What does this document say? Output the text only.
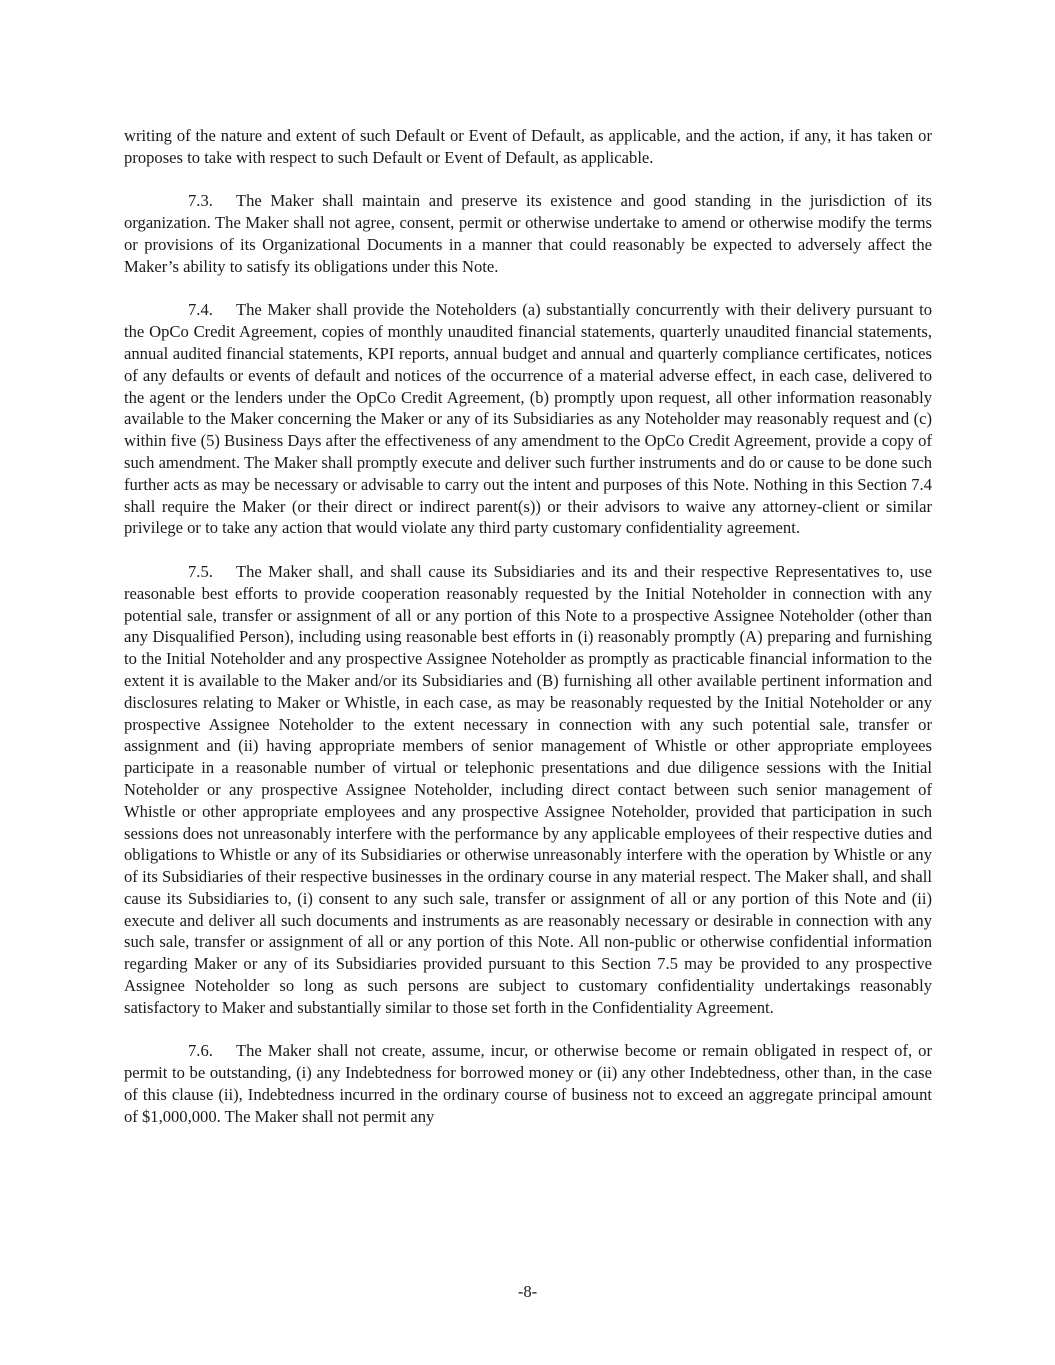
writing of the nature and extent of such Default or Event of Default, as applicable, and the action, if any, it has taken or proposes to take with respect to such Default or Event of Default, as applicable.

7.3. The Maker shall maintain and preserve its existence and good standing in the jurisdiction of its organization. The Maker shall not agree, consent, permit or otherwise undertake to amend or otherwise modify the terms or provisions of its Organizational Documents in a manner that could reasonably be expected to adversely affect the Maker’s ability to satisfy its obligations under this Note.

7.4. The Maker shall provide the Noteholders (a) substantially concurrently with their delivery pursuant to the OpCo Credit Agreement, copies of monthly unaudited financial statements, quarterly unaudited financial statements, annual audited financial statements, KPI reports, annual budget and annual and quarterly compliance certificates, notices of any defaults or events of default and notices of the occurrence of a material adverse effect, in each case, delivered to the agent or the lenders under the OpCo Credit Agreement, (b) promptly upon request, all other information reasonably available to the Maker concerning the Maker or any of its Subsidiaries as any Noteholder may reasonably request and (c) within five (5) Business Days after the effectiveness of any amendment to the OpCo Credit Agreement, provide a copy of such amendment. The Maker shall promptly execute and deliver such further instruments and do or cause to be done such further acts as may be necessary or advisable to carry out the intent and purposes of this Note. Nothing in this Section 7.4 shall require the Maker (or their direct or indirect parent(s)) or their advisors to waive any attorney-client or similar privilege or to take any action that would violate any third party customary confidentiality agreement.

7.5. The Maker shall, and shall cause its Subsidiaries and its and their respective Representatives to, use reasonable best efforts to provide cooperation reasonably requested by the Initial Noteholder in connection with any potential sale, transfer or assignment of all or any portion of this Note to a prospective Assignee Noteholder (other than any Disqualified Person), including using reasonable best efforts in (i) reasonably promptly (A) preparing and furnishing to the Initial Noteholder and any prospective Assignee Noteholder as promptly as practicable financial information to the extent it is available to the Maker and/or its Subsidiaries and (B) furnishing all other available pertinent information and disclosures relating to Maker or Whistle, in each case, as may be reasonably requested by the Initial Noteholder or any prospective Assignee Noteholder to the extent necessary in connection with any such potential sale, transfer or assignment and (ii) having appropriate members of senior management of Whistle or other appropriate employees participate in a reasonable number of virtual or telephonic presentations and due diligence sessions with the Initial Noteholder or any prospective Assignee Noteholder, including direct contact between such senior management of Whistle or other appropriate employees and any prospective Assignee Noteholder, provided that participation in such sessions does not unreasonably interfere with the performance by any applicable employees of their respective duties and obligations to Whistle or any of its Subsidiaries or otherwise unreasonably interfere with the operation by Whistle or any of its Subsidiaries of their respective businesses in the ordinary course in any material respect. The Maker shall, and shall cause its Subsidiaries to, (i) consent to any such sale, transfer or assignment of all or any portion of this Note and (ii) execute and deliver all such documents and instruments as are reasonably necessary or desirable in connection with any such sale, transfer or assignment of all or any portion of this Note. All non-public or otherwise confidential information regarding Maker or any of its Subsidiaries provided pursuant to this Section 7.5 may be provided to any prospective Assignee Noteholder so long as such persons are subject to customary confidentiality undertakings reasonably satisfactory to Maker and substantially similar to those set forth in the Confidentiality Agreement.

7.6. The Maker shall not create, assume, incur, or otherwise become or remain obligated in respect of, or permit to be outstanding, (i) any Indebtedness for borrowed money or (ii) any other Indebtedness, other than, in the case of this clause (ii), Indebtedness incurred in the ordinary course of business not to exceed an aggregate principal amount of $1,000,000. The Maker shall not permit any

-8-
